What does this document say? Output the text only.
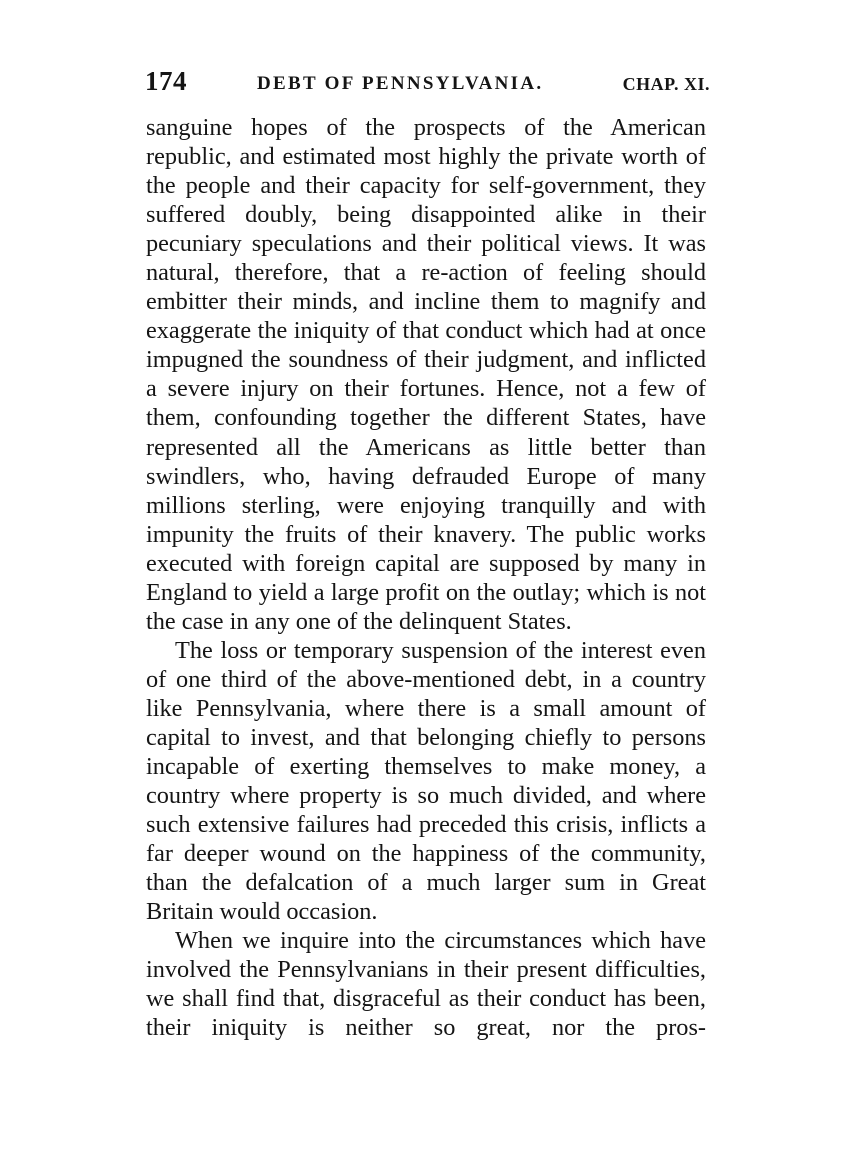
174	DEBT OF PENNSYLVANIA.	CHAP. XI.

sanguine hopes of the prospects of the American republic, and estimated most highly the private worth of the people and their capacity for self-government, they suffered doubly, being disappointed alike in their pecuniary speculations and their political views. It was natural, therefore, that a re-action of feeling should embitter their minds, and incline them to magnify and exaggerate the iniquity of that conduct which had at once impugned the soundness of their judgment, and inflicted a severe injury on their fortunes. Hence, not a few of them, confounding together the different States, have represented all the Americans as little better than swindlers, who, having defrauded Europe of many millions sterling, were enjoying tranquilly and with impunity the fruits of their knavery. The public works executed with foreign capital are supposed by many in England to yield a large profit on the outlay; which is not the case in any one of the delinquent States.

The loss or temporary suspension of the interest even of one third of the above-mentioned debt, in a country like Pennsylvania, where there is a small amount of capital to invest, and that belonging chiefly to persons incapable of exerting themselves to make money, a country where property is so much divided, and where such extensive failures had preceded this crisis, inflicts a far deeper wound on the happiness of the community, than the defalcation of a much larger sum in Great Britain would occasion.

When we inquire into the circumstances which have involved the Pennsylvanians in their present difficulties, we shall find that, disgraceful as their conduct has been, their iniquity is neither so great, nor the pros-
